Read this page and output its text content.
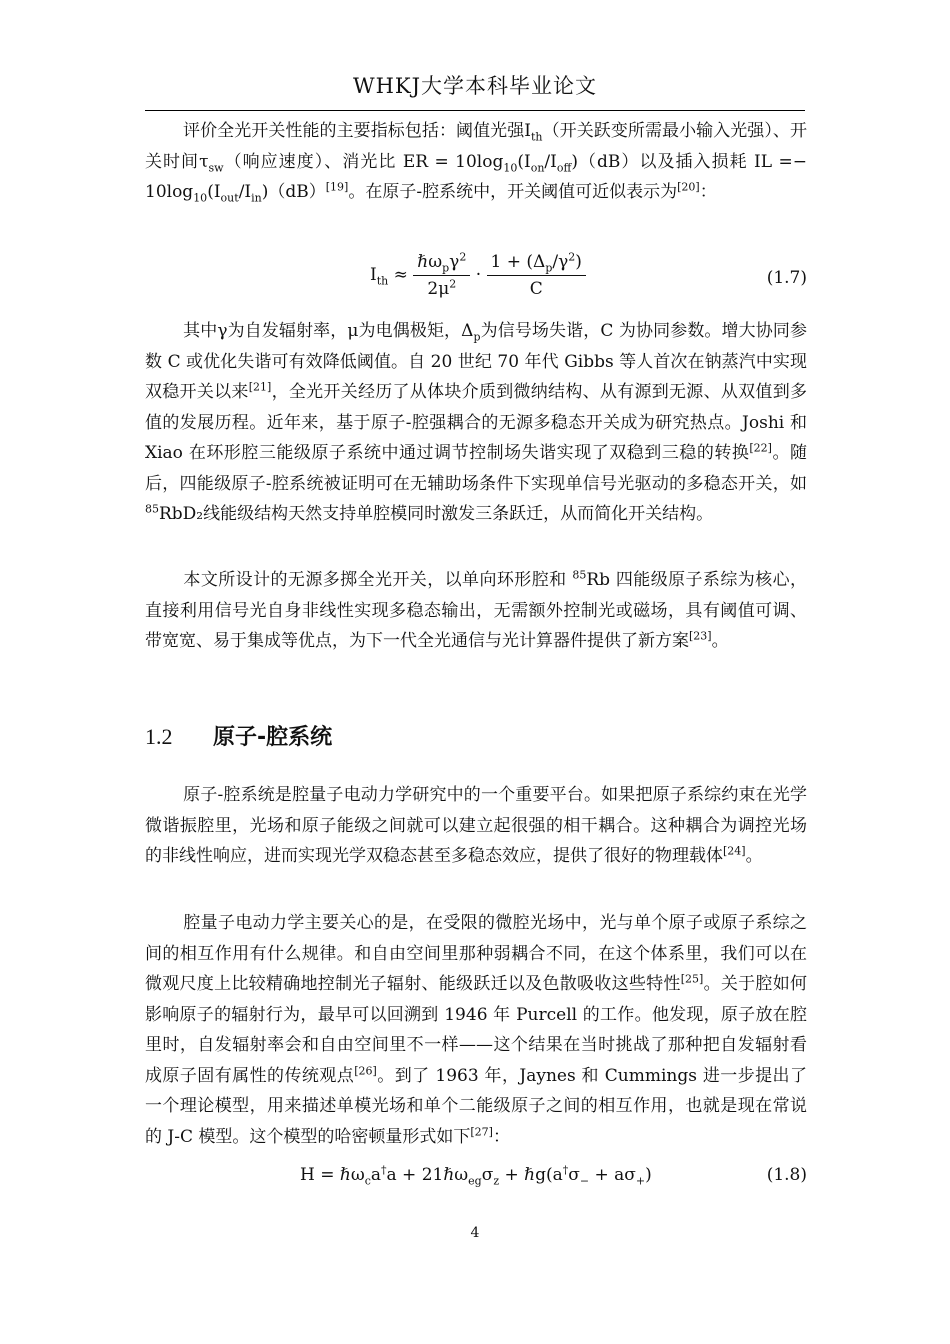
WHKJ大学本科毕业论文

评价全光开关性能的主要指标包括：阈值光强$I_{th}$（开关跃变所需最小输入光强）、开关时间$\tau_{sw}$（响应速度）、消光比 ER = $10\log_{10}(I_{on}/I_{off})(dB)$以及插入损耗 IL =− $10\log_{10}(I_{out}/I_{in})(dB)[19]$。在原子-腔系统中，开关阈值可近似表示为[20]：

$I_{th} \approx \frac{\hbar\omega_p\gamma^2}{2\mu^2} \cdot \frac{1 + (\Delta_p/\gamma^2)}{C}$	(1.7)

其中γ为自发辐射率，μ为电偶极矩，$\Delta_p$为信号场失谐，C 为协同参数。增大协同参数 C 或优化失谐可有效降低阈值。自 20 世纪 70 年代 Gibbs 等人首次在钠蒸汽中实现双稳开关以来[21]，全光开关经历了从体块介质到微纳结构、从有源到无源、从双值到多值的发展历程。近年来，基于原子-腔强耦合的无源多稳态开关成为研究热点。Joshi 和 Xiao 在环形腔三能级原子系统中通过调节控制场失谐实现了双稳到三稳的转换[22]。随后，四能级原子-腔系统被证明可在无辅助场条件下实现单信号光驱动的多稳态开关，如 $^{85}$RbD₂线能级结构天然支持单腔模同时激发三条跃迁，从而简化开关结构。

本文所设计的无源多掷全光开关，以单向环形腔和 $^{85}$Rb 四能级原子系综为核心，直接利用信号光自身非线性实现多稳态输出，无需额外控制光或磁场，具有阈值可调、带宽宽、易于集成等优点，为下一代全光通信与光计算器件提供了新方案[23]。

1.2 原子-腔系统

原子-腔系统是腔量子电动力学研究中的一个重要平台。如果把原子系综约束在光学微谐振腔里，光场和原子能级之间就可以建立起很强的相干耦合。这种耦合为调控光场的非线性响应，进而实现光学双稳态甚至多稳态效应，提供了很好的物理载体[24]。

腔量子电动力学主要关心的是，在受限的微腔光场中，光与单个原子或原子系综之间的相互作用有什么规律。和自由空间里那种弱耦合不同，在这个体系里，我们可以在微观尺度上比较精确地控制光子辐射、能级跃迁以及色散吸收这些特性[25]。关于腔如何影响原子的辐射行为，最早可以回溯到 1946 年 Purcell 的工作。他发现，原子放在腔里时，自发辐射率会和自由空间里不一样——这个结果在当时挑战了那种把自发辐射看成原子固有属性的传统观点[26]。到了 1963 年，Jaynes 和 Cummings 进一步提出了一个理论模型，用来描述单模光场和单个二能级原子之间的相互作用，也就是现在常说的 J-C 模型。这个模型的哈密顿量形式如下[27]：

H = ℏω$_c$a†a + $21\hbar\omega_{eg}\sigma_z$ + $\hbar g(a^\dagger\sigma_- + a\sigma_+)$	(1.8)
4
